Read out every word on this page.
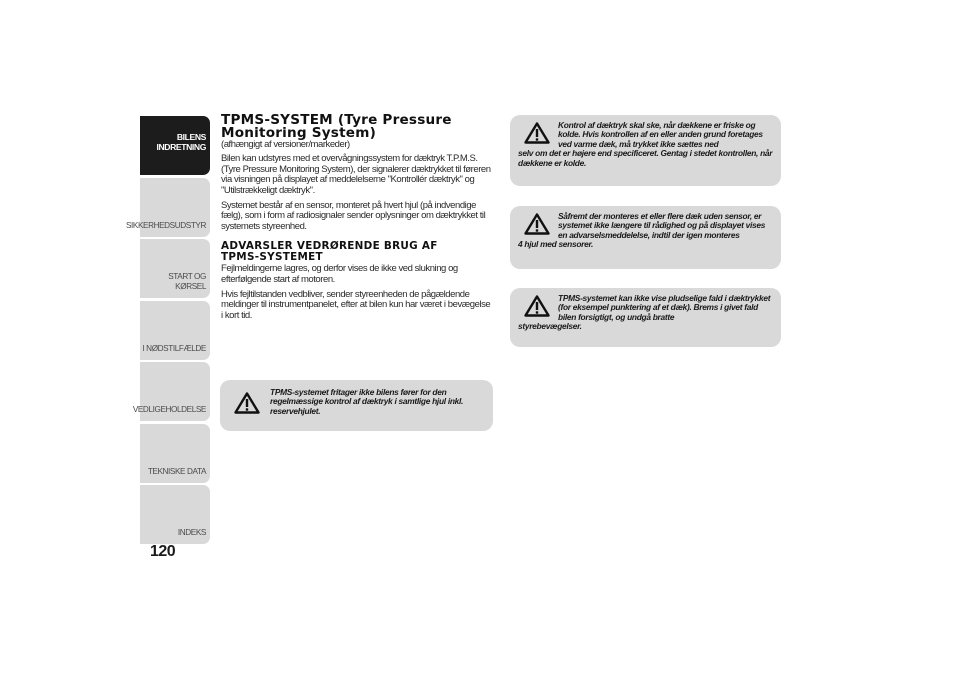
BILENS
INDRETNING
SIKKERHEDSUDSTYR
START OG KØRSEL
I NØDSTILFÆLDE
VEDLIGEHOLDELSE
TEKNISKE DATA
INDEKS
120
TPMS-SYSTEM (Tyre Pressure
Monitoring System)

(afhængigt af versioner/markeder)

Bilen kan udstyres med et overvågningssystem for dæktryk T.P.M.S. (Tyre Pressure Monitoring System), der signalerer dæktrykket til føreren via visningen på displayet af meddelelserne "Kontrollér dæktryk" og "Utilstrækkeligt dæktryk".

Systemet består af en sensor, monteret på hvert hjul (på indvendige fælg), som i form af radiosignaler sender oplysninger om dæktrykket til systemets styreenhed.

ADVARSLER VEDRØRENDE BRUG AF
TPMS-SYSTEMET

Fejlmeldingerne lagres, og derfor vises de ikke ved slukning og efterfølgende start af motoren.

Hvis fejltilstanden vedbliver, sender styreenheden de pågældende meldinger til instrumentpanelet, efter at bilen kun har været i bevægelse i kort tid.

TPMS-systemet fritager ikke bilens fører for den regelmæssige kontrol af dæktryk i samtlige hjul inkl. reservehjulet.
Kontrol af dæktryk skal ske, når dækkene er friske og kolde. Hvis kontrollen af en eller anden grund foretages ved varme dæk, må trykket ikke sættes ned
selv om det er højere end specificeret. Gentag i stedet kontrollen, når dækkene er kolde.
Såfremt der monteres et eller flere dæk uden sensor, er systemet ikke længere til rådighed og på displayet vises en advarselsmeddelelse, indtil der igen monteres
4 hjul med sensorer.
TPMS-systemet kan ikke vise pludselige fald i dæktrykket (for eksempel punktering af et dæk). Brems i givet fald bilen forsigtigt, og undgå bratte
styrebevægelser.
